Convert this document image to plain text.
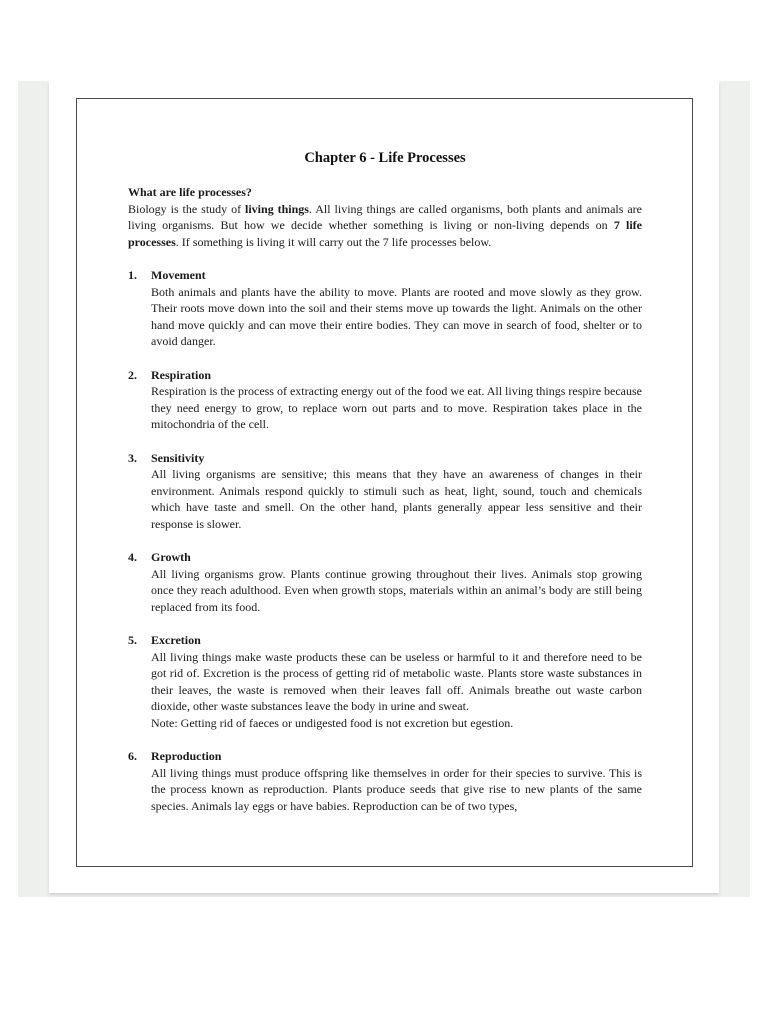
Chapter 6 - Life Processes

What are life processes?

Biology is the study of living things. All living things are called organisms, both plants and animals are living organisms. But how we decide whether something is living or non-living depends on 7 life processes. If something is living it will carry out the 7 life processes below.

1. Movement

Both animals and plants have the ability to move. Plants are rooted and move slowly as they grow. Their roots move down into the soil and their stems move up towards the light. Animals on the other hand move quickly and can move their entire bodies. They can move in search of food, shelter or to avoid danger.

2. Respiration

Respiration is the process of extracting energy out of the food we eat. All living things respire because they need energy to grow, to replace worn out parts and to move. Respiration takes place in the mitochondria of the cell.

3. Sensitivity

All living organisms are sensitive; this means that they have an awareness of changes in their environment. Animals respond quickly to stimuli such as heat, light, sound, touch and chemicals which have taste and smell. On the other hand, plants generally appear less sensitive and their response is slower.

4. Growth

All living organisms grow. Plants continue growing throughout their lives. Animals stop growing once they reach adulthood. Even when growth stops, materials within an animal’s body are still being replaced from its food.

5. Excretion

All living things make waste products these can be useless or harmful to it and therefore need to be got rid of. Excretion is the process of getting rid of metabolic waste. Plants store waste substances in their leaves, the waste is removed when their leaves fall off. Animals breathe out waste carbon dioxide, other waste substances leave the body in urine and sweat.

Note: Getting rid of faeces or undigested food is not excretion but egestion.

6. Reproduction

All living things must produce offspring like themselves in order for their species to survive. This is the process known as reproduction. Plants produce seeds that give rise to new plants of the same species. Animals lay eggs or have babies. Reproduction can be of two types,
